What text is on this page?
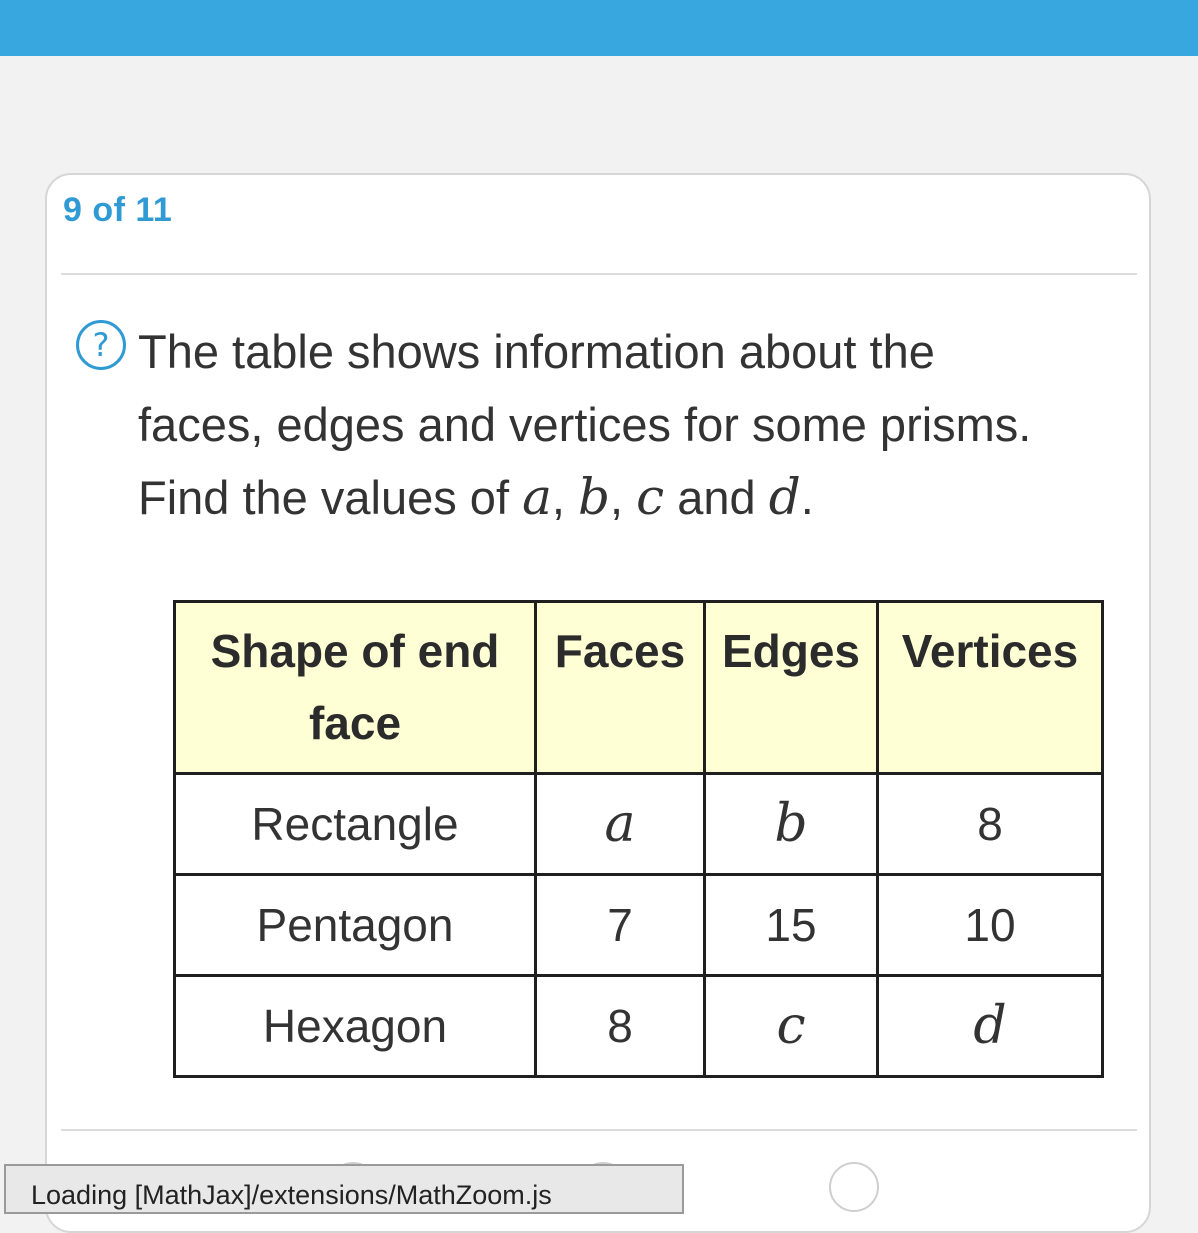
9 of 11
? The table shows information about the
faces, edges and vertices for some prisms.
Find the values of a, b, c and d.
Shape of end face	Faces	Edges	Vertices
Rectangle	a	b	8
Pentagon	7	15	10
Hexagon	8	c	d
Loading [MathJax]/extensions/MathZoom.js
